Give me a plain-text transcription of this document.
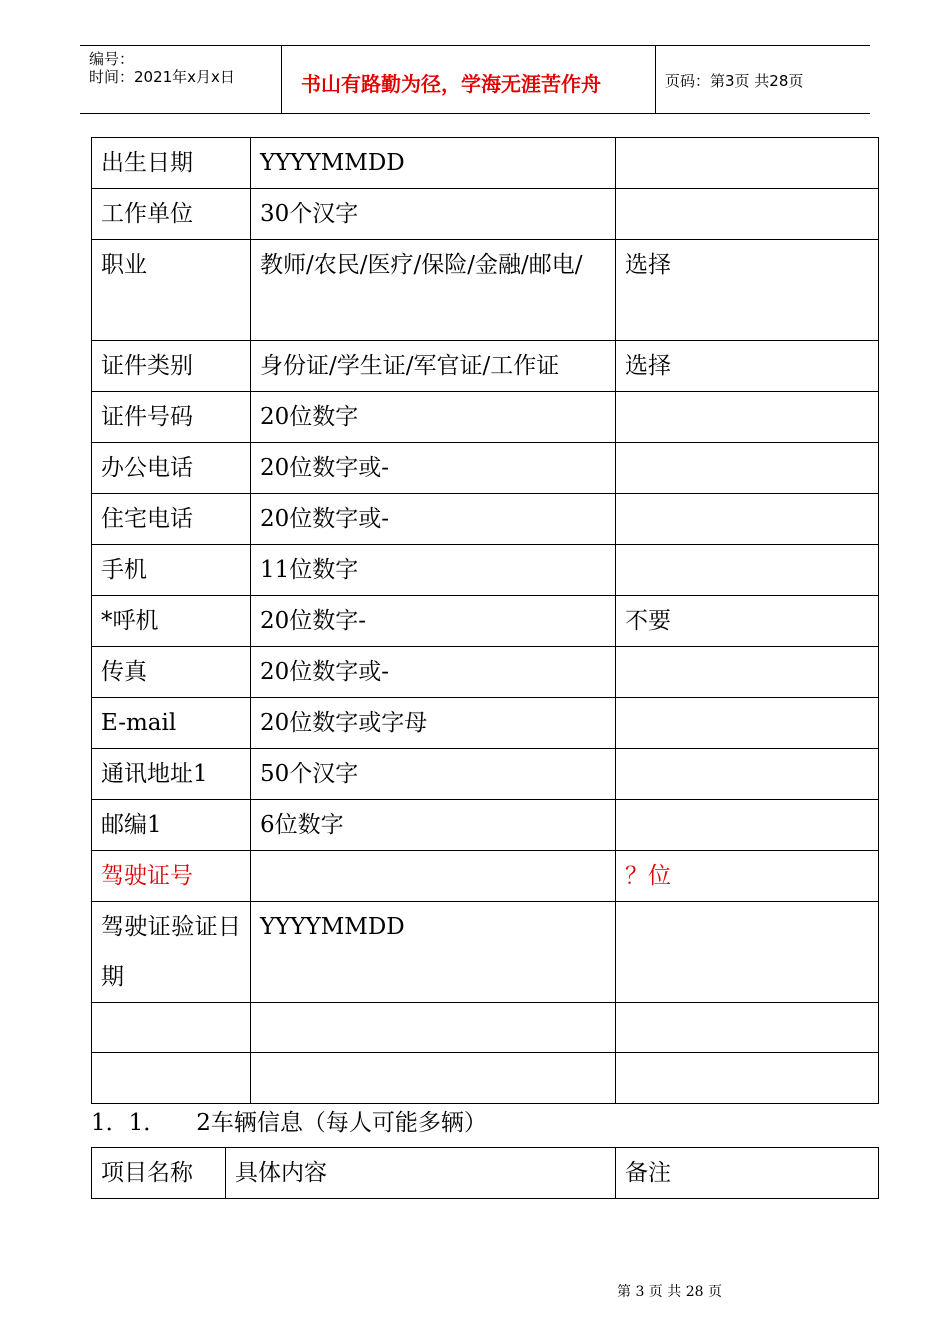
编号：
时间：2021年x月x日	书山有路勤为径，学海无涯苦作舟	页码：第3页 共28页
出生日期	YYYYMMDD	
工作单位	30个汉字	
职业	教师/农民/医疗/保险/金融/邮电/	选择
证件类别	身份证/学生证/军官证/工作证	选择
证件号码	20位数字	
办公电话	20位数字或-	
住宅电话	20位数字或-	
手机	11位数字	
*呼机	20位数字-	不要
传真	20位数字或-	
E-mail	20位数字或字母	
通讯地址1	50个汉字	
邮编1	6位数字	
驾驶证号		？位
驾驶证验证日期	YYYYMMDD	

1．1． 2车辆信息（每人可能多辆）
项目名称	具体内容	备注
第 3 页 共 28 页
